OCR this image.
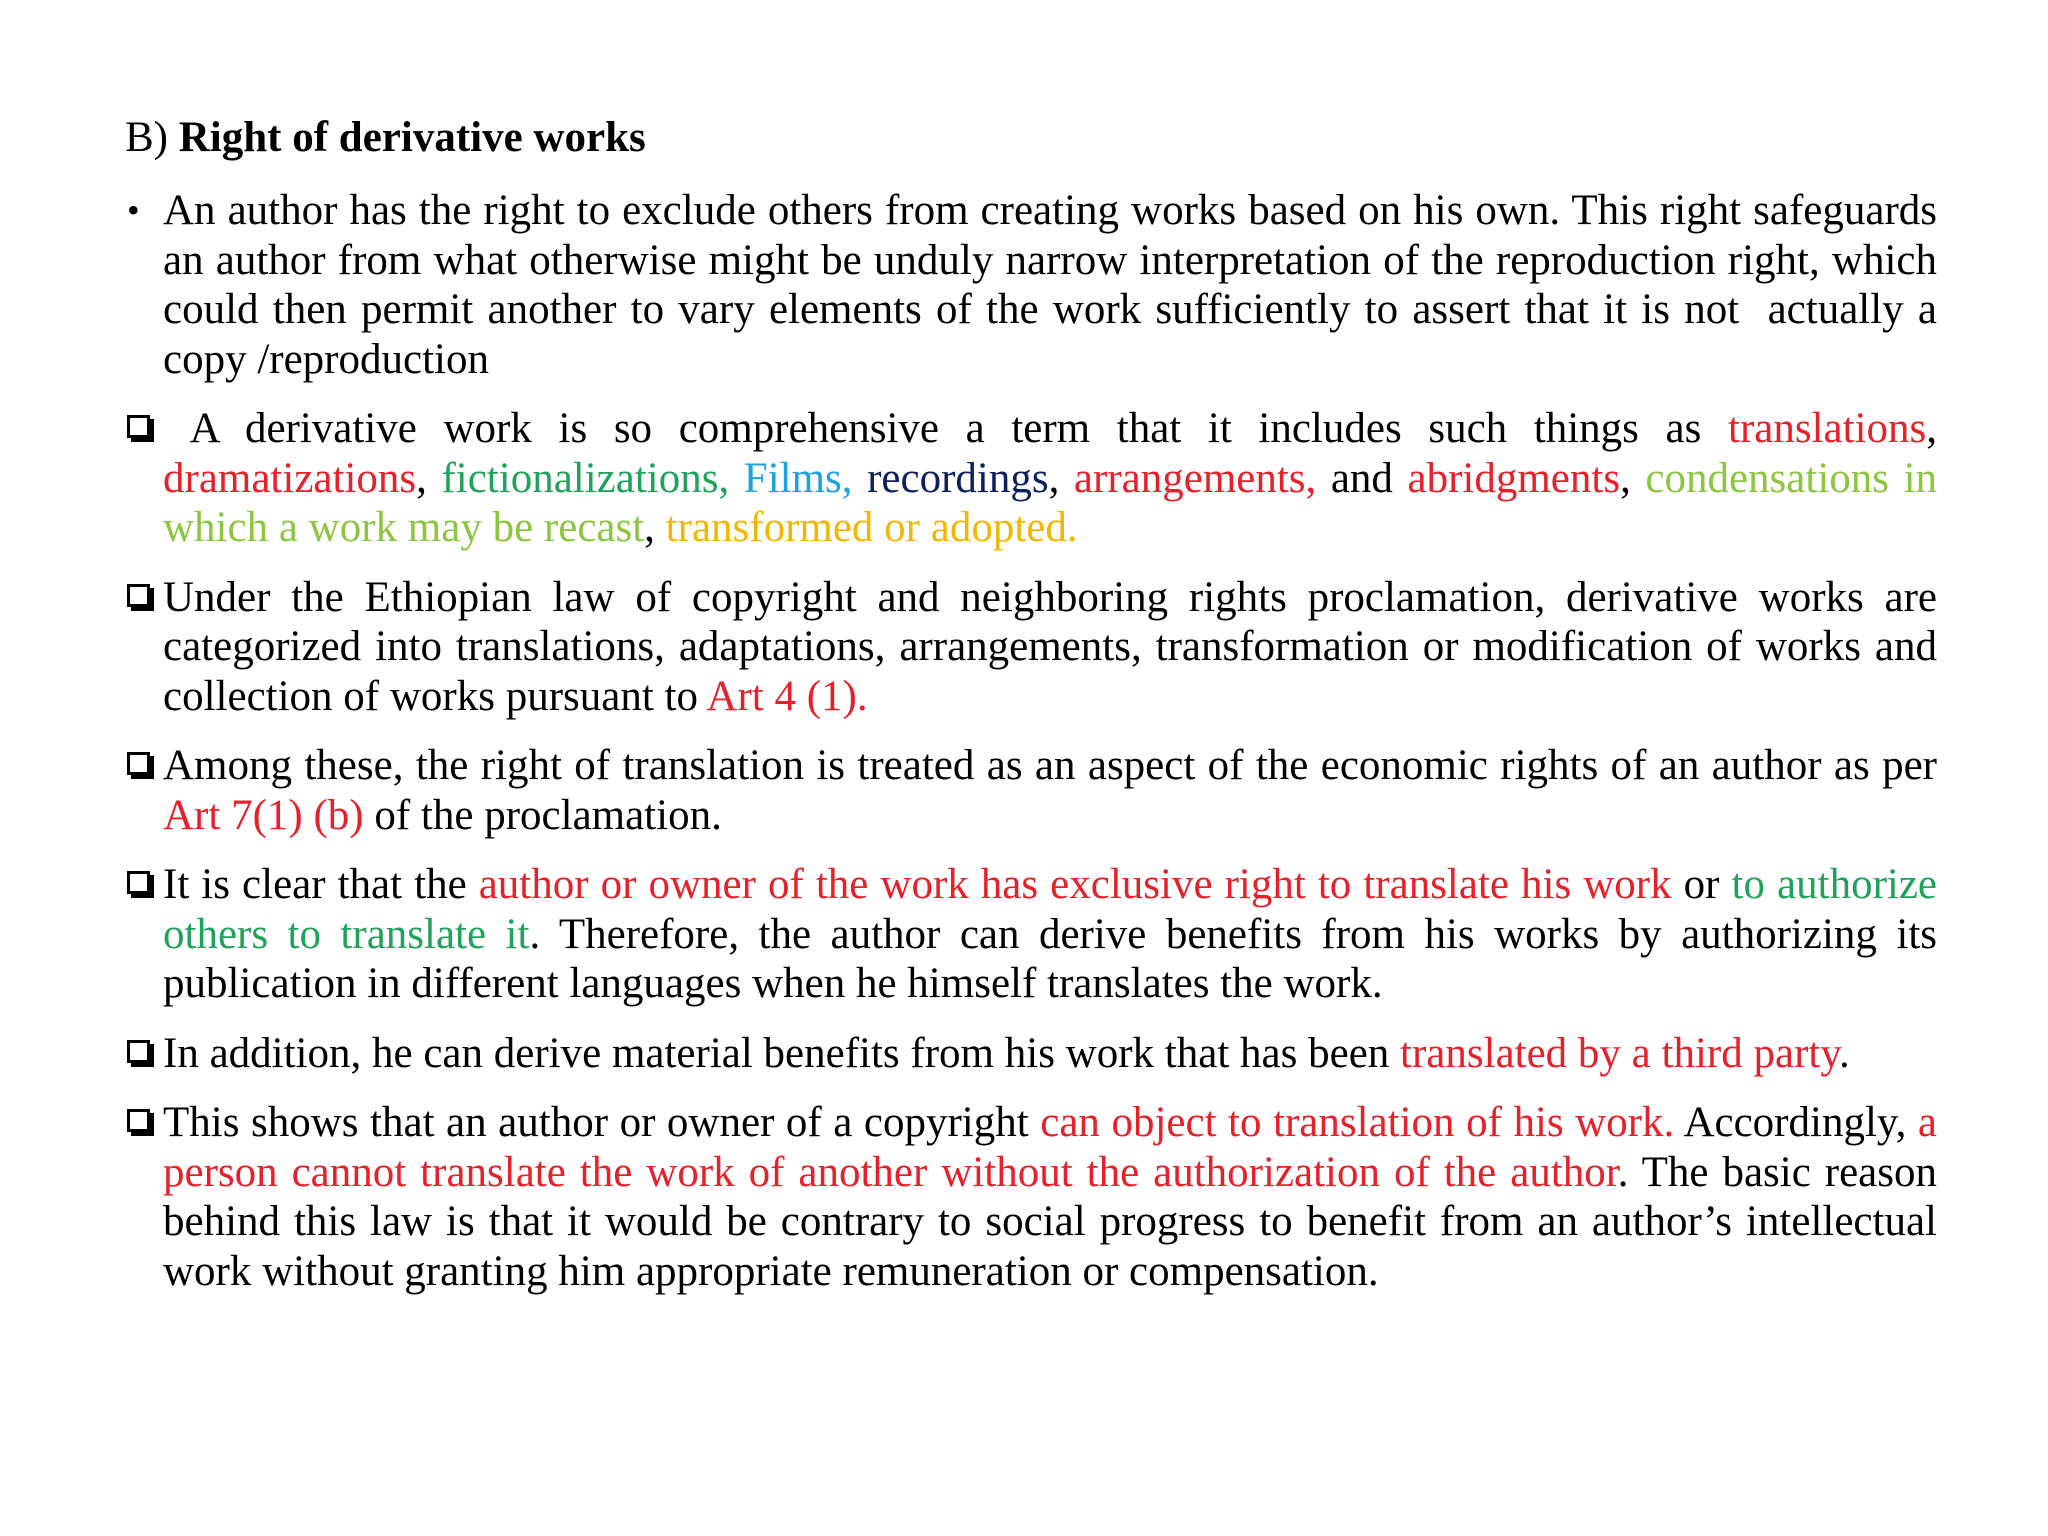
B) Right of derivative works
• An author has the right to exclude others from creating works based on his own. This right safeguards an author from what otherwise might be unduly narrow interpretation of the reproduction right, which could then permit another to vary elements of the work sufficiently to assert that it is not  actually a copy /reproduction
A derivative work is so comprehensive a term that it includes such things as translations, dramatizations, fictionalizations, Films, recordings, arrangements, and abridgments, condensations in which a work may be recast, transformed or adopted.
Under the Ethiopian law of copyright and neighboring rights proclamation, derivative works are categorized into translations, adaptations, arrangements, transformation or modification of works and collection of works pursuant to Art 4 (1).
Among these, the right of translation is treated as an aspect of the economic rights of an author as per Art 7(1) (b) of the proclamation.
It is clear that the author or owner of the work has exclusive right to translate his work or to authorize others to translate it. Therefore, the author can derive benefits from his works by authorizing its publication in different languages when he himself translates the work.
In addition, he can derive material benefits from his work that has been translated by a third party.
This shows that an author or owner of a copyright can object to translation of his work. Accordingly, a person cannot translate the work of another without the authorization of the author. The basic reason behind this law is that it would be contrary to social progress to benefit from an author’s intellectual work without granting him appropriate remuneration or compensation.
